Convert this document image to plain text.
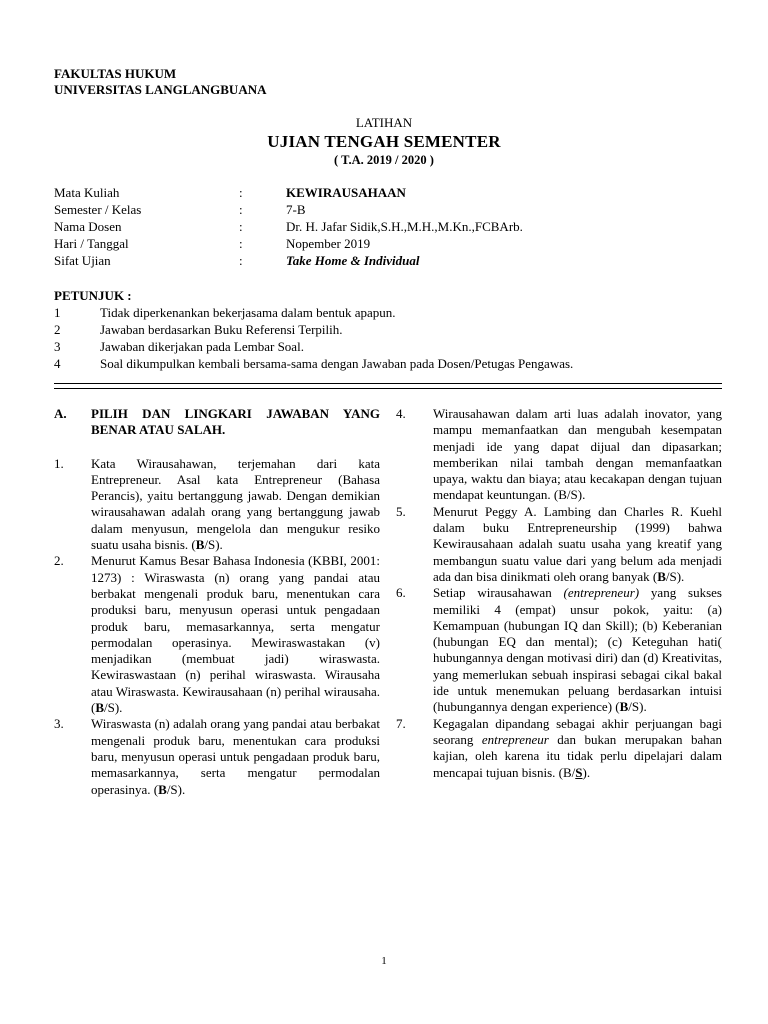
FAKULTAS HUKUM
UNIVERSITAS LANGLANGBUANA
LATIHAN
UJIAN TENGAH SEMENTER
( T.A. 2019 / 2020 )
Mata Kuliah	:	KEWIRAUSAHAAN
Semester / Kelas	:	7-B
Nama Dosen	:	Dr. H. Jafar Sidik,S.H.,M.H.,M.Kn.,FCBArb.
Hari / Tanggal	:	Nopember 2019
Sifat Ujian	:	Take Home & Individual
PETUNJUK :
1	Tidak diperkenankan bekerjasama dalam bentuk apapun.
2	Jawaban berdasarkan Buku Referensi Terpilih.
3	Jawaban dikerjakan pada Lembar Soal.
4	Soal dikumpulkan kembali bersama-sama dengan Jawaban pada Dosen/Petugas Pengawas.
A. PILIH DAN LINGKARI JAWABAN YANG BENAR ATAU SALAH.
1. Kata Wirausahawan, terjemahan dari kata Entrepreneur. Asal kata Entrepreneur (Bahasa Perancis), yaitu bertanggung jawab. Dengan demikian wirausahawan adalah orang yang bertanggung jawab dalam menyusun, mengelola dan mengukur resiko suatu usaha bisnis. (B/S).
2. Menurut Kamus Besar Bahasa Indonesia (KBBI, 2001: 1273) : Wiraswasta (n) orang yang pandai atau berbakat mengenali produk baru, menentukan cara produksi baru, menyusun operasi untuk pengadaan produk baru, memasarkannya, serta mengatur permodalan operasinya. Mewiraswastakan (v) menjadikan (membuat jadi) wiraswasta. Kewiraswastaan (n) perihal wiraswasta. Wirausaha atau Wiraswasta. Kewirausahaan (n) perihal wirausaha. (B/S).
3. Wiraswasta (n) adalah orang yang pandai atau berbakat mengenali produk baru, menentukan cara produksi baru, menyusun operasi untuk pengadaan produk baru, memasarkannya, serta mengatur permodalan operasinya. (B/S).
4. Wirausahawan dalam arti luas adalah inovator, yang mampu memanfaatkan dan mengubah kesempatan menjadi ide yang dapat dijual dan dipasarkan; memberikan nilai tambah dengan memanfaatkan upaya, waktu dan biaya; atau kecakapan dengan tujuan mendapat keuntungan. (B/S).
5. Menurut Peggy A. Lambing dan Charles R. Kuehl dalam buku Entrepreneurship (1999) bahwa Kewirausahaan adalah suatu usaha yang kreatif yang membangun suatu value dari yang belum ada menjadi ada dan bisa dinikmati oleh orang banyak (B/S).
6. Setiap wirausahawan (entrepreneur) yang sukses memiliki 4 (empat) unsur pokok, yaitu: (a) Kemampuan (hubungan IQ dan Skill); (b) Keberanian (hubungan EQ dan mental); (c) Keteguhan hati( hubungannya dengan motivasi diri) dan (d) Kreativitas, yang memerlukan sebuah inspirasi sebagai cikal bakal ide untuk menemukan peluang berdasarkan intuisi (hubungannya dengan experience) (B/S).
7. Kegagalan dipandang sebagai akhir perjuangan bagi seorang entrepreneur dan bukan merupakan bahan kajian, oleh karena itu tidak perlu dipelajari dalam mencapai tujuan bisnis. (B/S).
1
